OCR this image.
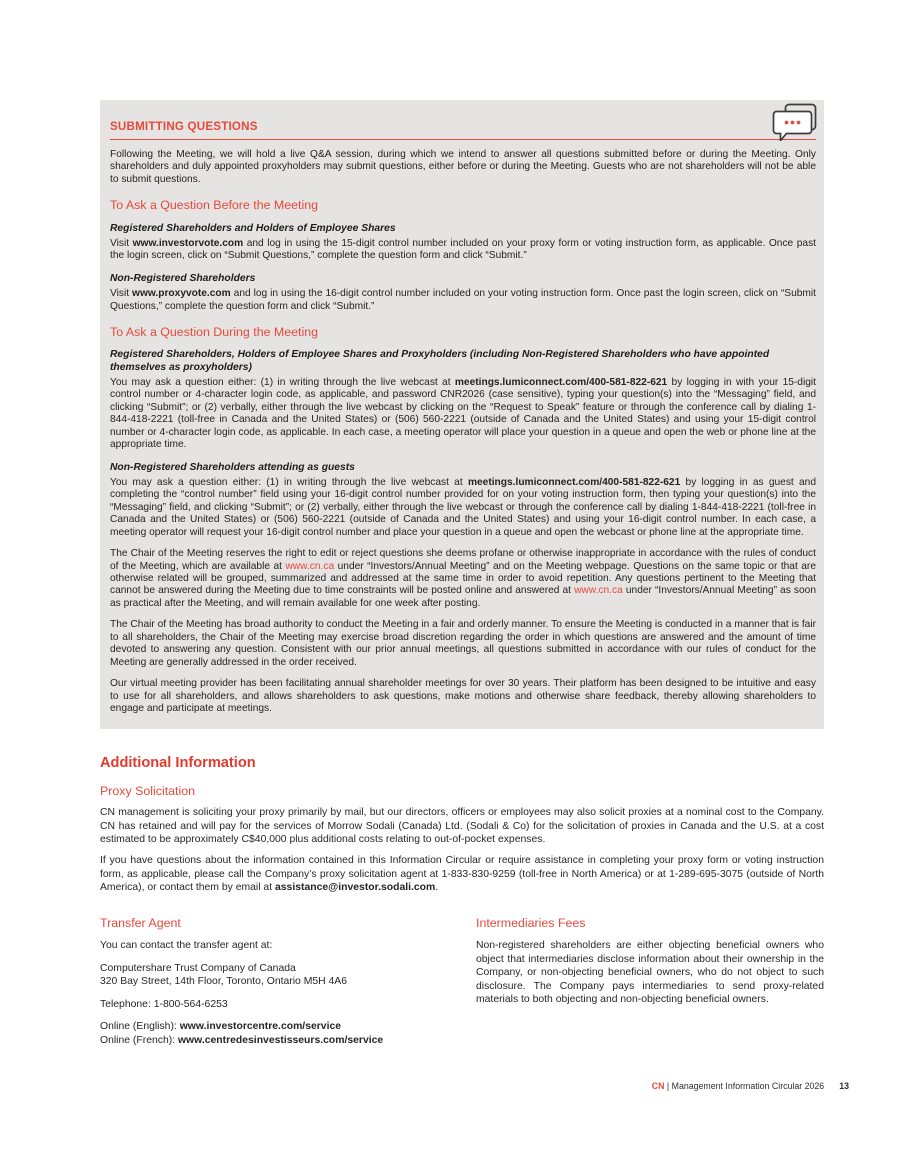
SUBMITTING QUESTIONS

Following the Meeting, we will hold a live Q&A session, during which we intend to answer all questions submitted before or during the Meeting. Only shareholders and duly appointed proxyholders may submit questions, either before or during the Meeting. Guests who are not shareholders will not be able to submit questions.

To Ask a Question Before the Meeting
Registered Shareholders and Holders of Employee Shares

Visit www.investorvote.com and log in using the 15-digit control number included on your proxy form or voting instruction form, as applicable. Once past the login screen, click on “Submit Questions,” complete the question form and click “Submit.”

Non-Registered Shareholders

Visit www.proxyvote.com and log in using the 16-digit control number included on your voting instruction form. Once past the login screen, click on “Submit Questions,” complete the question form and click “Submit.”

To Ask a Question During the Meeting
Registered Shareholders, Holders of Employee Shares and Proxyholders (including Non-Registered Shareholders who have appointed themselves as proxyholders)

You may ask a question either: (1) in writing through the live webcast at meetings.lumiconnect.com/400-581-822-621 by logging in with your 15-digit control number or 4-character login code, as applicable, and password CNR2026 (case sensitive), typing your question(s) into the “Messaging” field, and clicking “Submit”; or (2) verbally, either through the live webcast by clicking on the “Request to Speak” feature or through the conference call by dialing 1-844-418-2221 (toll-free in Canada and the United States) or (506) 560-2221 (outside of Canada and the United States) and using your 15-digit control number or 4-character login code, as applicable. In each case, a meeting operator will place your question in a queue and open the web or phone line at the appropriate time.

Non-Registered Shareholders attending as guests

You may ask a question either: (1) in writing through the live webcast at meetings.lumiconnect.com/400-581-822-621 by logging in as guest and completing the “control number” field using your 16-digit control number provided for on your voting instruction form, then typing your question(s) into the “Messaging” field, and clicking “Submit”; or (2) verbally, either through the live webcast or through the conference call by dialing 1-844-418-2221 (toll-free in Canada and the United States) or (506) 560-2221 (outside of Canada and the United States) and using your 16-digit control number. In each case, a meeting operator will request your 16-digit control number and place your question in a queue and open the webcast or phone line at the appropriate time.

The Chair of the Meeting reserves the right to edit or reject questions she deems profane or otherwise inappropriate in accordance with the rules of conduct of the Meeting, which are available at www.cn.ca under “Investors/Annual Meeting” and on the Meeting webpage. Questions on the same topic or that are otherwise related will be grouped, summarized and addressed at the same time in order to avoid repetition. Any questions pertinent to the Meeting that cannot be answered during the Meeting due to time constraints will be posted online and answered at www.cn.ca under “Investors/Annual Meeting” as soon as practical after the Meeting, and will remain available for one week after posting.

The Chair of the Meeting has broad authority to conduct the Meeting in a fair and orderly manner. To ensure the Meeting is conducted in a manner that is fair to all shareholders, the Chair of the Meeting may exercise broad discretion regarding the order in which questions are answered and the amount of time devoted to answering any question. Consistent with our prior annual meetings, all questions submitted in accordance with our rules of conduct for the Meeting are generally addressed in the order received.

Our virtual meeting provider has been facilitating annual shareholder meetings for over 30 years. Their platform has been designed to be intuitive and easy to use for all shareholders, and allows shareholders to ask questions, make motions and otherwise share feedback, thereby allowing shareholders to engage and participate at meetings.

Additional Information
Proxy Solicitation

CN management is soliciting your proxy primarily by mail, but our directors, officers or employees may also solicit proxies at a nominal cost to the Company. CN has retained and will pay for the services of Morrow Sodali (Canada) Ltd. (Sodali & Co) for the solicitation of proxies in Canada and the U.S. at a cost estimated to be approximately C$40,000 plus additional costs relating to out-of-pocket expenses.

If you have questions about the information contained in this Information Circular or require assistance in completing your proxy form or voting instruction form, as applicable, please call the Company’s proxy solicitation agent at 1-833-830-9259 (toll-free in North America) or at 1-289-695-3075 (outside of North America), or contact them by email at assistance@investor.sodali.com.

Transfer Agent

You can contact the transfer agent at:

Computershare Trust Company of Canada

320 Bay Street, 14th Floor, Toronto, Ontario M5H 4A6

Telephone: 1-800-564-6253

Online (English): www.investorcentre.com/service

Online (French): www.centredesinvestisseurs.com/service

Intermediaries Fees

Non-registered shareholders are either objecting beneficial owners who object that intermediaries disclose information about their ownership in the Company, or non-objecting beneficial owners, who do not object to such disclosure. The Company pays intermediaries to send proxy-related materials to both objecting and non-objecting beneficial owners.

CN | Management Information Circular 2026 13
